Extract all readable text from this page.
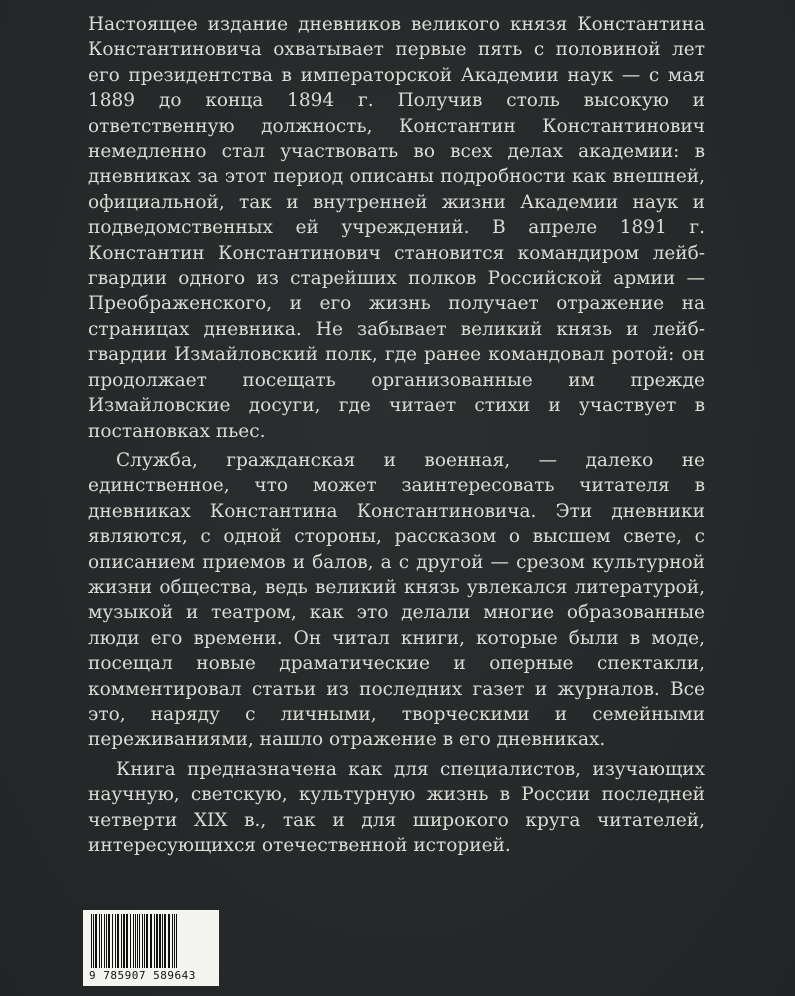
Настоящее издание дневников великого князя Константина Константиновича охватывает первые пять с половиной лет его президентства в императорской Академии наук — с мая 1889 до конца 1894 г. Получив столь высокую и ответственную должность, Константин Константинович немедленно стал участвовать во всех делах академии: в дневниках за этот период описаны подробности как внешней, официальной, так и внутренней жизни Академии наук и подведомственных ей учреждений. В апреле 1891 г. Константин Константинович становится командиром лейб-гвардии одного из старейших полков Российской армии — Преображенского, и его жизнь получает отражение на страницах дневника. Не забывает великий князь и лейб-гвардии Измайловский полк, где ранее командовал ротой: он продолжает посещать организованные им прежде Измайловские досуги, где читает стихи и участвует в постановках пьес.

Служба, гражданская и военная, — далеко не единственное, что может заинтересовать читателя в дневниках Константина Константиновича. Эти дневники являются, с одной стороны, рассказом о высшем свете, с описанием приемов и балов, а с другой — срезом культурной жизни общества, ведь великий князь увлекался литературой, музыкой и театром, как это делали многие образованные люди его времени. Он читал книги, которые были в моде, посещал новые драматические и оперные спектакли, комментировал статьи из последних газет и журналов. Все это, наряду с личными, творческими и семейными переживаниями, нашло отражение в его дневниках.

Книга предназначена как для специалистов, изучающих научную, светскую, культурную жизнь в России последней четверти XIX в., так и для широкого круга читателей, интересующихся отечественной историей.

9 785907 589643
